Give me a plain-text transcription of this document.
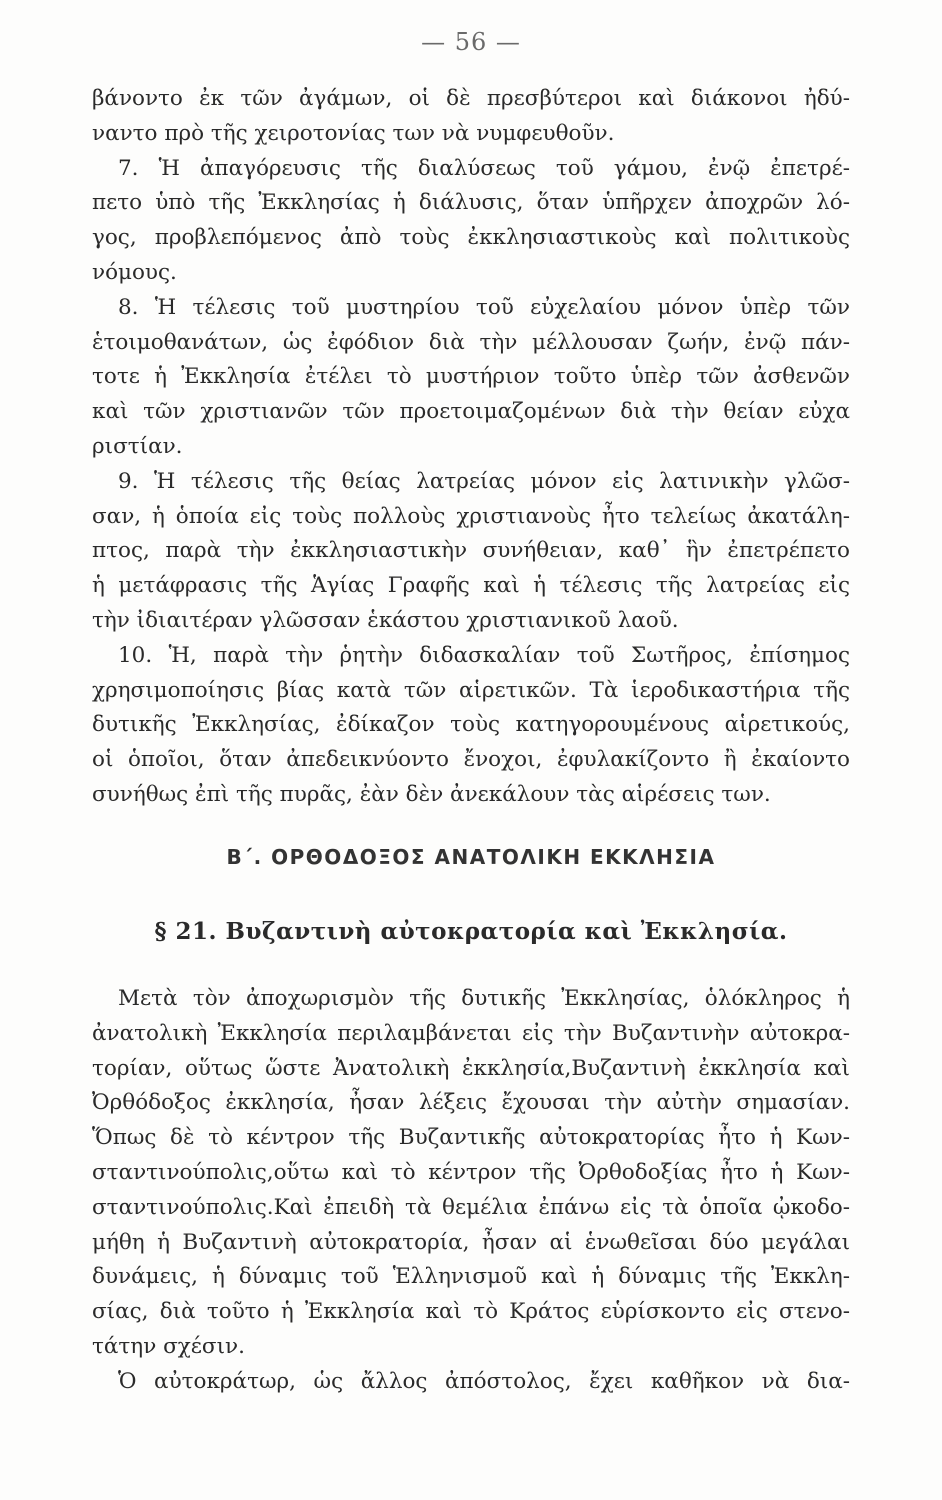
— 56 —
βάνοντο ἐκ τῶν ἀγάμων, οἱ δὲ πρεσβύτεροι καὶ διάκονοι ἠδύ-
ναντο πρὸ τῆς χειροτονίας των νὰ νυμφευθοῦν.
7. Ἡ ἀπαγόρευσις τῆς διαλύσεως τοῦ γάμου, ἐνῷ ἐπετρέ-
πετο ὑπὸ τῆς Ἐκκλησίας ἡ διάλυσις, ὅταν ὑπῆρχεν ἀποχρῶν λό-
γος, προβλεπόμενος ἀπὸ τοὺς ἐκκλησιαστικοὺς καὶ πολιτικοὺς
νόμους.
8. Ἡ τέλεσις τοῦ μυστηρίου τοῦ εὐχελαίου μόνον ὑπὲρ τῶν
ἑτοιμοθανάτων, ὡς ἐφόδιον διὰ τὴν μέλλουσαν ζωήν, ἐνῷ πάν-
τοτε ἡ Ἐκκλησία ἐτέλει τὸ μυστήριον τοῦτο ὑπὲρ τῶν ἀσθενῶν
καὶ τῶν χριστιανῶν τῶν προετοιμαζομένων διὰ τὴν θείαν εὐχα
ριστίαν.
9. Ἡ τέλεσις τῆς θείας λατρείας μόνον εἰς λατινικὴν γλῶσ-
σαν, ἡ ὁποία εἰς τοὺς πολλοὺς χριστιανοὺς ἦτο τελείως ἀκατάλη-
πτος, παρὰ τὴν ἐκκλησιαστικὴν συνήθειαν, καθ᾿ ἣν ἐπετρέπετο
ἡ μετάφρασις τῆς Ἁγίας Γραφῆς καὶ ἡ τέλεσις τῆς λατρείας εἰς
τὴν ἰδιαιτέραν γλῶσσαν ἑκάστου χριστιανικοῦ λαοῦ.
10. Ἡ, παρὰ τὴν ῥητὴν διδασκαλίαν τοῦ Σωτῆρος, ἐπίσημος
χρησιμοποίησις βίας κατὰ τῶν αἱρετικῶν. Τὰ ἱεροδικαστήρια τῆς
δυτικῆς Ἐκκλησίας, ἐδίκαζον τοὺς κατηγορουμένους αἱρετικούς,
οἱ ὁποῖοι, ὅταν ἀπεδεικνύοντο ἔνοχοι, ἐφυλακίζοντο ἢ ἐκαίοντο
συνήθως ἐπὶ τῆς πυρᾶς, ἐὰν δὲν ἀνεκάλουν τὰς αἱρέσεις των.
Β΄. ΟΡΘΟΔΟΞΟΣ ΑΝΑΤΟΛΙΚΗ ΕΚΚΛΗΣΙΑ
§ 21. Βυζαντινὴ αὐτοκρατορία καὶ Ἐκκλησία.
Μετὰ τὸν ἀποχωρισμὸν τῆς δυτικῆς Ἐκκλησίας, ὁλόκληρος ἡ
ἀνατολικὴ Ἐκκλησία περιλαμβάνεται εἰς τὴν Βυζαντινὴν αὐτοκρα-
τορίαν, οὕτως ὥστε Ἀνατολικὴ ἐκκλησία,Βυζαντινὴ ἐκκλησία καὶ
Ὀρθόδοξος ἐκκλησία, ἦσαν λέξεις ἔχουσαι τὴν αὐτὴν σημασίαν.
Ὅπως δὲ τὸ κέντρον τῆς Βυζαντικῆς αὐτοκρατορίας ἦτο ἡ Κων-
σταντινούπολις,οὕτω καὶ τὸ κέντρον τῆς Ὀρθοδοξίας ἦτο ἡ Κων-
σταντινούπολις.Καὶ ἐπειδὴ τὰ θεμέλια ἐπάνω εἰς τὰ ὁποῖα ᾠκοδο-
μήθη ἡ Βυζαντινὴ αὐτοκρατορία, ἦσαν αἱ ἑνωθεῖσαι δύο μεγάλαι
δυνάμεις, ἡ δύναμις τοῦ Ἑλληνισμοῦ καὶ ἡ δύναμις τῆς Ἐκκλη-
σίας, διὰ τοῦτο ἡ Ἐκκλησία καὶ τὸ Κράτος εὑρίσκοντο εἰς στενο-
τάτην σχέσιν.
Ὁ αὐτοκράτωρ, ὡς ἄλλος ἀπόστολος, ἔχει καθῆκον νὰ δια-
